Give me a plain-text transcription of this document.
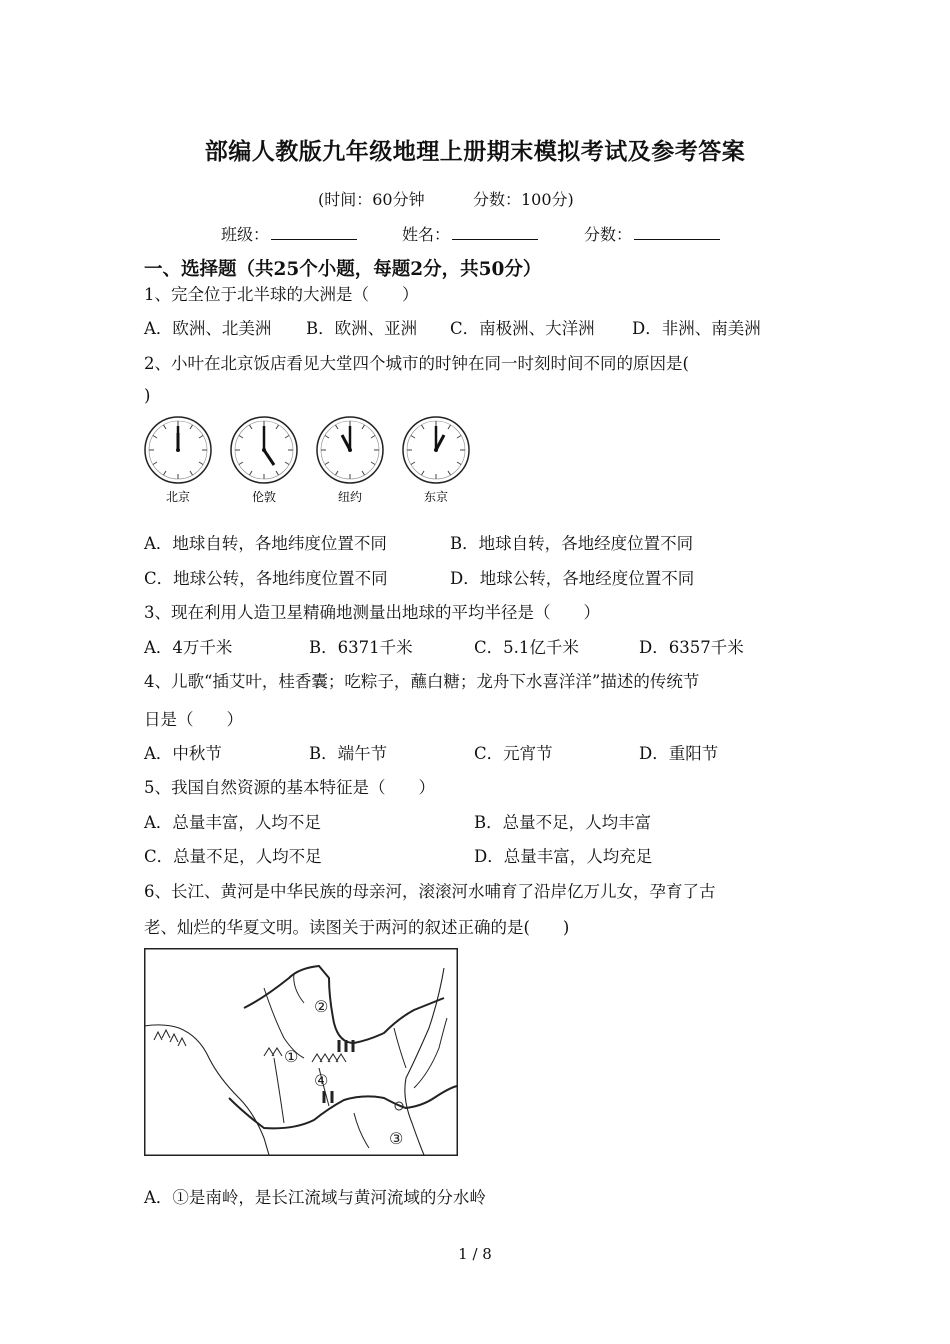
部编人教版九年级地理上册期末模拟考试及参考答案
(时间：60分钟	分数：100分)
班级：	姓名：	分数：
一、选择题（共25个小题，每题2分，共50分）
1、完全位于北半球的大洲是（　　）
A．欧洲、北美洲 B．欧洲、亚洲 C．南极洲、大洋洲 D．非洲、南美洲
2、小叶在北京饭店看见大堂四个城市的时钟在同一时刻时间不同的原因是(
)
北京	伦敦	纽约	东京
A．地球自转，各地纬度位置不同	B．地球自转，各地经度位置不同
C．地球公转，各地纬度位置不同	D．地球公转，各地经度位置不同
3、现在利用人造卫星精确地测量出地球的平均半径是（　　）
A．4万千米	B．6371千米	C．5.1亿千米	D．6357千米
4、儿歌“插艾叶，桂香囊；吃粽子，蘸白糖；龙舟下水喜洋洋”描述的传统节
日是（　　）
A．中秋节	B．端午节	C．元宵节	D．重阳节
5、我国自然资源的基本特征是（　　）
A．总量丰富，人均不足	B．总量不足，人均丰富
C．总量不足，人均不足	D．总量丰富，人均充足
6、长江、黄河是中华民族的母亲河，滚滚河水哺育了沿岸亿万儿女，孕育了古
老、灿烂的华夏文明。读图关于两河的叙述正确的是(　　)
①
②
③
④
A．①是南岭，是长江流域与黄河流域的分水岭
1 / 8
